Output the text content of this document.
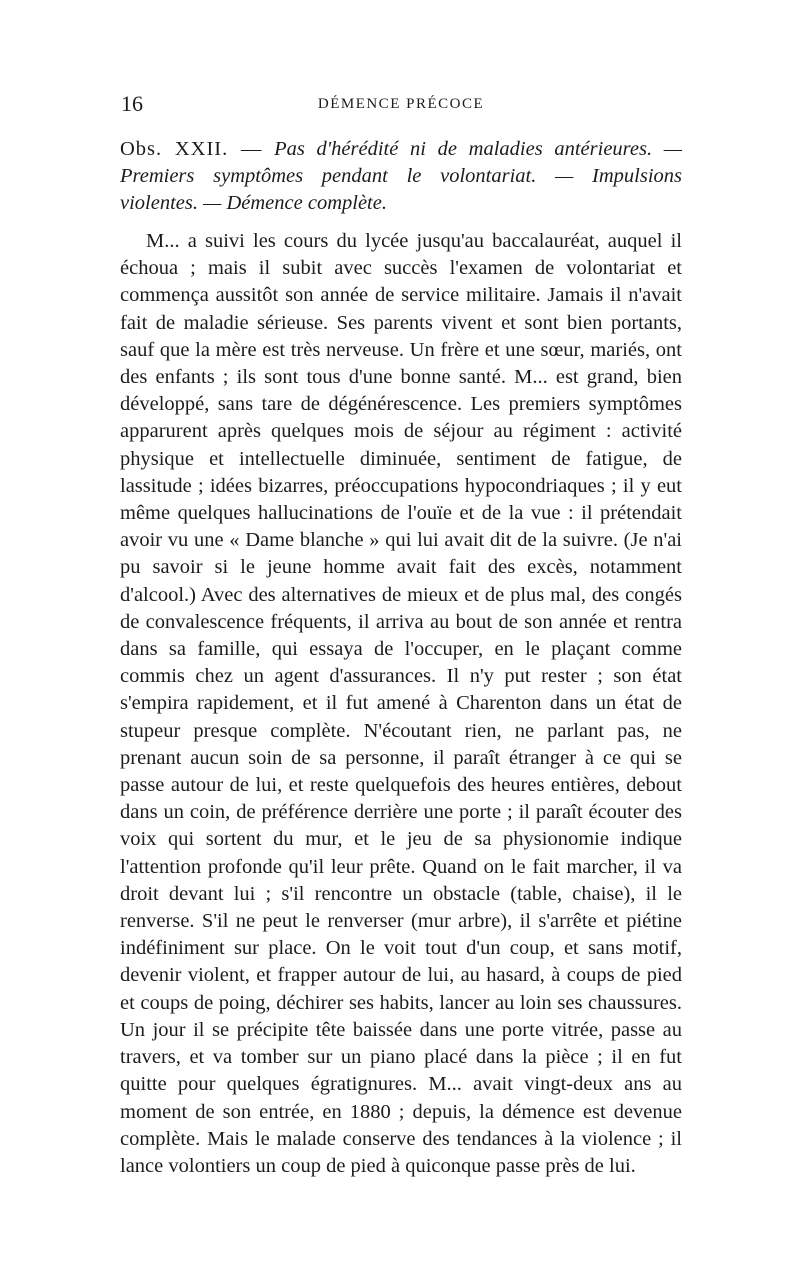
16	DÉMENCE PRÉCOCE

Obs. XXII. — Pas d'hérédité ni de maladies antérieures. — Premiers symptômes pendant le volontariat. — Impulsions violentes. — Démence complète.

M... a suivi les cours du lycée jusqu'au baccalauréat, auquel il échoua ; mais il subit avec succès l'examen de volontariat et commença aussitôt son année de service militaire. Jamais il n'avait fait de maladie sérieuse. Ses parents vivent et sont bien portants, sauf que la mère est très nerveuse. Un frère et une sœur, mariés, ont des enfants ; ils sont tous d'une bonne santé. M... est grand, bien développé, sans tare de dégénérescence. Les premiers symptômes apparurent après quelques mois de séjour au régiment : activité physique et intellectuelle diminuée, sentiment de fatigue, de lassitude ; idées bizarres, préoccupations hypocondriaques ; il y eut même quelques hallucinations de l'ouïe et de la vue : il prétendait avoir vu une « Dame blanche » qui lui avait dit de la suivre. (Je n'ai pu savoir si le jeune homme avait fait des excès, notamment d'alcool.) Avec des alternatives de mieux et de plus mal, des congés de convalescence fréquents, il arriva au bout de son année et rentra dans sa famille, qui essaya de l'occuper, en le plaçant comme commis chez un agent d'assurances. Il n'y put rester ; son état s'empira rapidement, et il fut amené à Charenton dans un état de stupeur presque complète. N'écoutant rien, ne parlant pas, ne prenant aucun soin de sa personne, il paraît étranger à ce qui se passe autour de lui, et reste quelquefois des heures entières, debout dans un coin, de préférence derrière une porte ; il paraît écouter des voix qui sortent du mur, et le jeu de sa physionomie indique l'attention profonde qu'il leur prête. Quand on le fait marcher, il va droit devant lui ; s'il rencontre un obstacle (table, chaise), il le renverse. S'il ne peut le renverser (mur arbre), il s'arrête et piétine indéfiniment sur place. On le voit tout d'un coup, et sans motif, devenir violent, et frapper autour de lui, au hasard, à coups de pied et coups de poing, déchirer ses habits, lancer au loin ses chaussures. Un jour il se précipite tête baissée dans une porte vitrée, passe au travers, et va tomber sur un piano placé dans la pièce ; il en fut quitte pour quelques égratignures. M... avait vingt-deux ans au moment de son entrée, en 1880 ; depuis, la démence est devenue complète. Mais le malade conserve des tendances à la violence ; il lance volontiers un coup de pied à quiconque passe près de lui.
